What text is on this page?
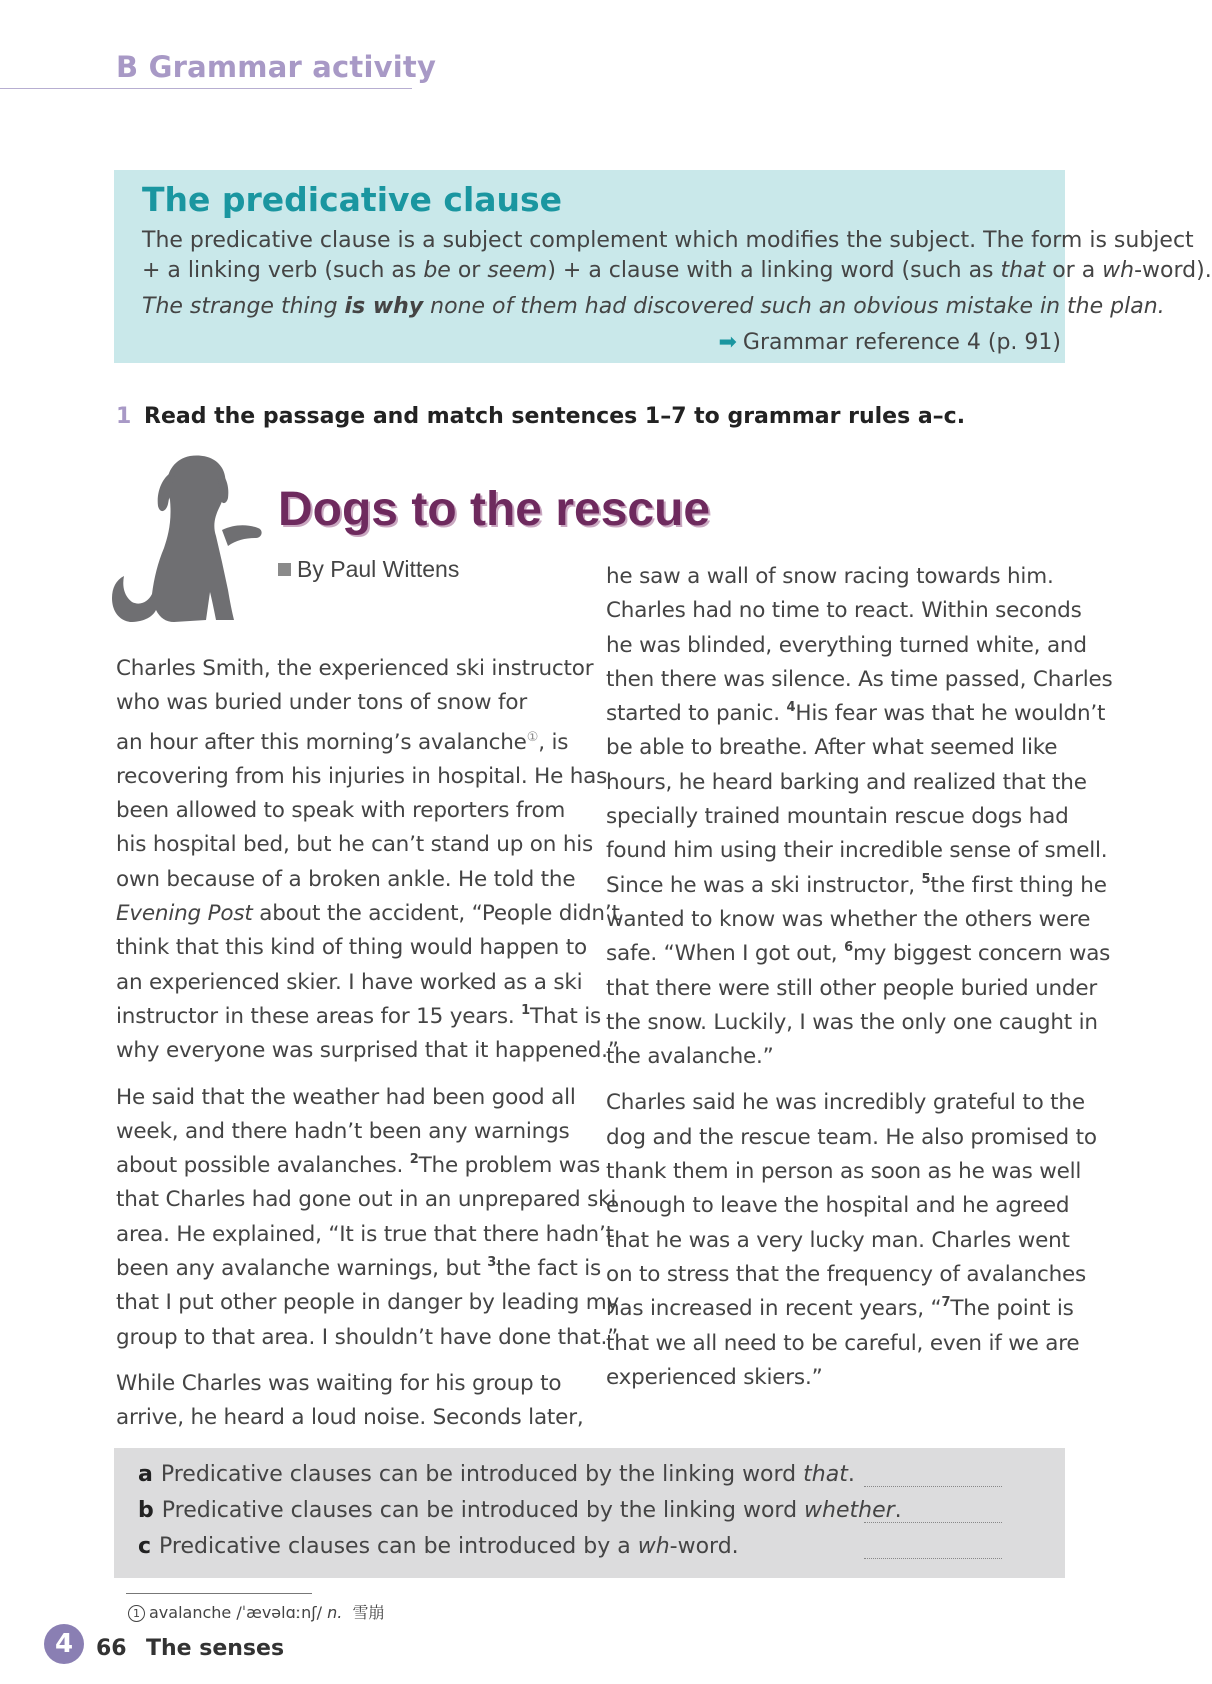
B Grammar activity
The predicative clause
The predicative clause is a subject complement which modifies the subject. The form is subject
+ a linking verb (such as be or seem) + a clause with a linking word (such as that or a wh-word).
The strange thing is why none of them had discovered such an obvious mistake in the plan.
➡ Grammar reference 4 (p. 91)
1 Read the passage and match sentences 1–7 to grammar rules a–c.
Dogs to the rescue
By Paul Wittens
Charles Smith, the experienced ski instructor
who was buried under tons of snow for
an hour after this morning’s avalanche①, is
recovering from his injuries in hospital. He has
been allowed to speak with reporters from
his hospital bed, but he can’t stand up on his
own because of a broken ankle. He told the
Evening Post about the accident, “People didn’t
think that this kind of thing would happen to
an experienced skier. I have worked as a ski
instructor in these areas for 15 years. $^1$That is
why everyone was surprised that it happened.”
He said that the weather had been good all
week, and there hadn’t been any warnings
about possible avalanches. $^2$The problem was
that Charles had gone out in an unprepared ski
area. He explained, “It is true that there hadn’t
been any avalanche warnings, but $^3$the fact is
that I put other people in danger by leading my
group to that area. I shouldn’t have done that.”
While Charles was waiting for his group to
arrive, he heard a loud noise. Seconds later,
he saw a wall of snow racing towards him.
Charles had no time to react. Within seconds
he was blinded, everything turned white, and
then there was silence. As time passed, Charles
started to panic. $^4$His fear was that he wouldn’t
be able to breathe. After what seemed like
hours, he heard barking and realized that the
specially trained mountain rescue dogs had
found him using their incredible sense of smell.
Since he was a ski instructor, $^5$the first thing he
wanted to know was whether the others were
safe. “When I got out, $^6$my biggest concern was
that there were still other people buried under
the snow. Luckily, I was the only one caught in
the avalanche.”
Charles said he was incredibly grateful to the
dog and the rescue team. He also promised to
thank them in person as soon as he was well
enough to leave the hospital and he agreed
that he was a very lucky man. Charles went
on to stress that the frequency of avalanches
has increased in recent years, “$^7$The point is
that we all need to be careful, even if we are
experienced skiers.”
a Predicative clauses can be introduced by the linking word that.
b Predicative clauses can be introduced by the linking word whether.
c Predicative clauses can be introduced by a wh-word.
1 avalanche /ˈævəlɑːnʃ/ n. 雪崩
4	66 The senses
